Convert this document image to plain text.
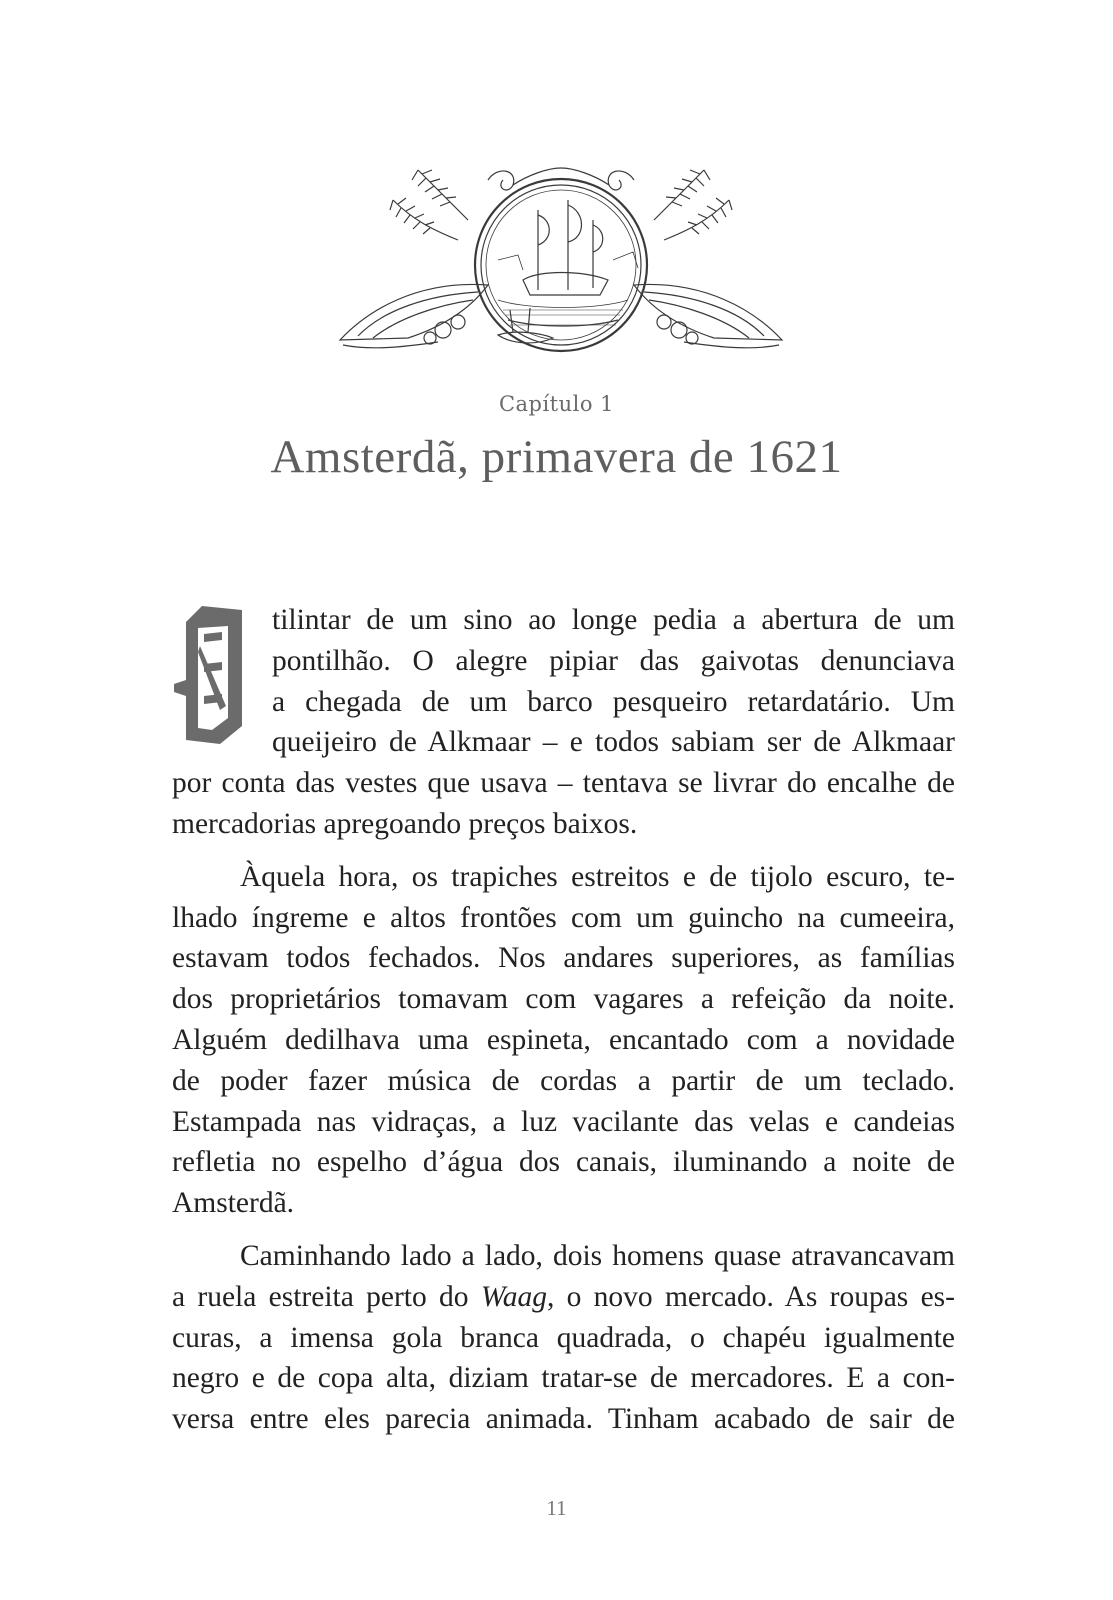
Capítulo 1
Amsterdã, primavera de 1621
tilintar de um sino ao longe pedia a abertura de um
pontilhão. O alegre pipiar das gaivotas denunciava
a chegada de um barco pesqueiro retardatário. Um
queijeiro de Alkmaar – e todos sabiam ser de Alkmaar
por conta das vestes que usava – tentava se livrar do encalhe de
mercadorias apregoando preços baixos.
Àquela hora, os trapiches estreitos e de tijolo escuro, te-
lhado íngreme e altos frontões com um guincho na cumeeira,
estavam todos fechados. Nos andares superiores, as famílias
dos proprietários tomavam com vagares a refeição da noite.
Alguém dedilhava uma espineta, encantado com a novidade
de poder fazer música de cordas a partir de um teclado.
Estampada nas vidraças, a luz vacilante das velas e candeias
refletia no espelho d’água dos canais, iluminando a noite de
Amsterdã.
Caminhando lado a lado, dois homens quase atravancavam
a ruela estreita perto do Waag, o novo mercado. As roupas es-
curas, a imensa gola branca quadrada, o chapéu igualmente
negro e de copa alta, diziam tratar-se de mercadores. E a con-
versa entre eles parecia animada. Tinham acabado de sair de
11
